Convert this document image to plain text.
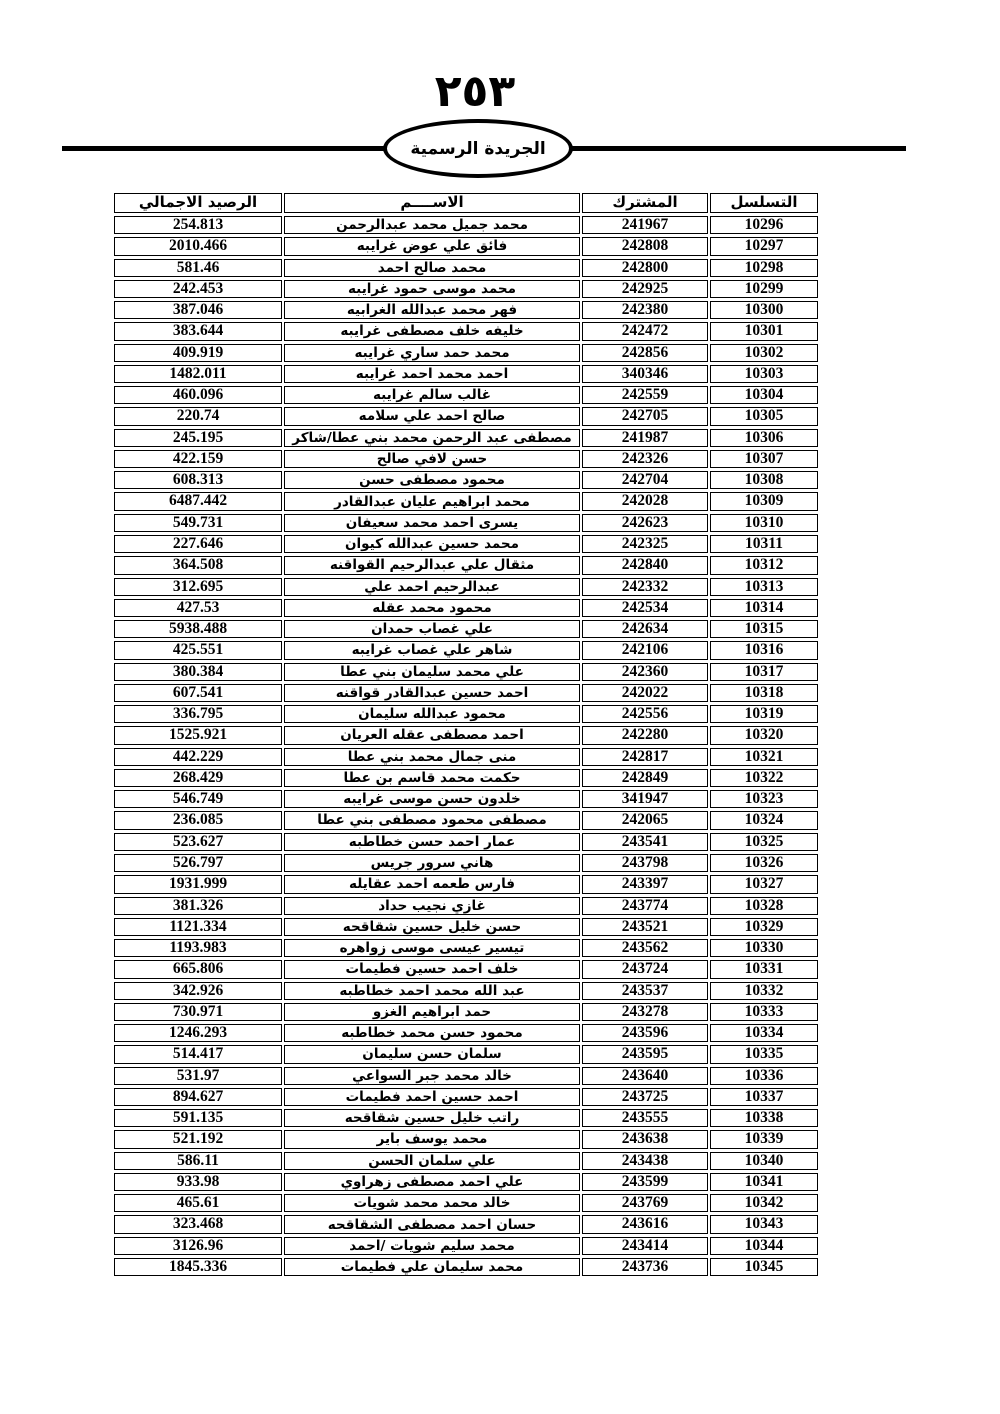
٢٥٣
الجريدة الرسمية
التسلسل	المشترك	الاســــم	الرصيد الاجمالي
10296	241967	محمد جميل محمد عبدالرحمن	254.813
10297	242808	فائق علي عوض غرايبه	2010.466
10298	242800	محمد صالح احمد	581.46
10299	242925	محمد موسى حمود غرايبه	242.453
10300	242380	فهر محمد عبدالله الغرابيه	387.046
10301	242472	خليفه خلف مصطفى غرايبه	383.644
10302	242856	محمد حمد ساري غرايبه	409.919
10303	340346	احمد محمد احمد غرايبه	1482.011
10304	242559	غالب سالم غرايبه	460.096
10305	242705	صالح احمد علي سلامه	220.74
10306	241987	مصطفى عبد الرحمن محمد بني عطا/شاكر	245.195
10307	242326	حسن لافي صالح	422.159
10308	242704	محمود مصطفى حسن	608.313
10309	242028	محمد ابراهيم عليان عبدالقادر	6487.442
10310	242623	يسرى احمد محمد سعيفان	549.731
10311	242325	محمد حسين عبدالله كيوان	227.646
10312	242840	مثقال علي عبدالرحيم القواقنه	364.508
10313	242332	عبدالرحيم احمد علي	312.695
10314	242534	محمود محمد عقله	427.53
10315	242634	علي غصاب حمدان	5938.488
10316	242106	شاهر علي غصاب غرايبه	425.551
10317	242360	علي محمد سليمان بني عطا	380.384
10318	242022	احمد حسين عبدالقادر قواقنه	607.541
10319	242556	محمود عبدالله سليمان	336.795
10320	242280	احمد مصطفى عقله العريان	1525.921
10321	242817	منى جمال محمد بني عطا	442.229
10322	242849	حكمت محمد قاسم بن عطا	268.429
10323	341947	خلدون حسن موسى غرايبه	546.749
10324	242065	مصطفى محمود مصطفى بني عطا	236.085
10325	243541	عمار احمد حسن خطاطبه	523.627
10326	243798	هاني سرور جريس	526.797
10327	243397	فارس طعمه احمد عقايله	1931.999
10328	243774	غازي نجيب حداد	381.326
10329	243521	حسن خليل حسين شقاقحه	1121.334
10330	243562	تيسير عيسى موسى زواهره	1193.983
10331	243724	خلف احمد حسين فطيمات	665.806
10332	243537	عبد الله محمد احمد خطاطبه	342.926
10333	243278	حمد ابراهيم الغزو	730.971
10334	243596	محمود حسن محمد خطاطبه	1246.293
10335	243595	سلمان حسن سليمان	514.417
10336	243640	خالد محمد جبر السواعي	531.97
10337	243725	احمد حسين احمد فطيمات	894.627
10338	243555	راتب خليل حسين شقاقحه	591.135
10339	243638	محمد يوسف باير	521.192
10340	243438	علي سلمان الحسن	586.11
10341	243599	علي احمد مصطفى زهراوي	933.98
10342	243769	خالد محمد محمد شويات	465.61
10343	243616	حسان احمد مصطفى الشقاقحه	323.468
10344	243414	محمد سليم شويات /احمد	3126.96
10345	243736	محمد سليمان علي فطيمات	1845.336
